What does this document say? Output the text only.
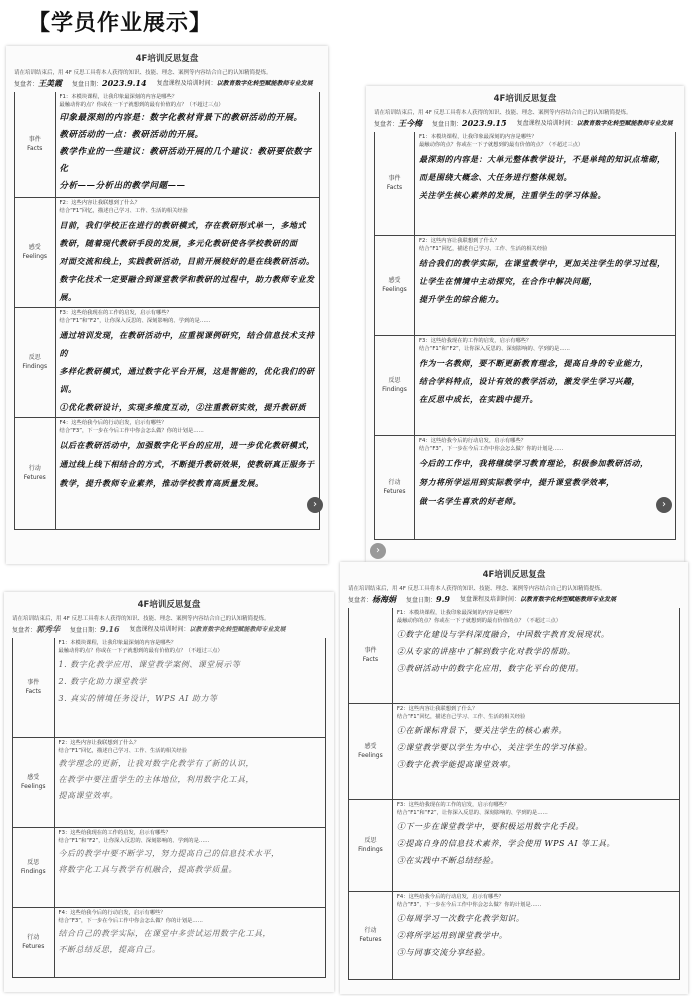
【学员作业展示】
4F培训反思复盘
请在培训结束后，用 4F 反思工具将本人获得的知识、技能、理念、案例等内容结合自己的认知精简提炼。
复盘者：王美霞 复盘日期：2023.9.14 复盘课程及培训时间：以教育数字化转型赋能教师专业发展
事件
Facts
F1：本模块课程，让我印象最深刻的内容是哪些？
最触动你的点？你或在一下子就想到的最有价值的点？（不超过三点）
印象最深刻的内容是：数字化教材背景下的教研活动的开展。
教研活动的一点：教研活动的开展。
教学作业的一些建议：教研活动开展的几个建议：教研要依数字化
分析——分析出的教学问题——

感受
Feelings
F2：这些内容让我联想到了什么？
结合“F1”回忆，描述自己学习、工作、生活的相关经验
目前，我们学校正在进行的教研模式，存在教研形式单一，多地式
教研，随着现代教研手段的发展，多元化教研使各学校教研的面
对面交流和线上，实践教研活动，目前开展较好的是在线教研活动。
数字化技术一定要融合到课堂教学和教研的过程中，助力教师专业发展。
反思
Findings
F3：这些给我现在的工作的启发，启示有哪些？
结合“F1”和“F2”，让你深入反思的、深刻影响的、学到的是……
通过培训发现，在教研活动中，应重视课例研究，结合信息技术支持的
多样化教研模式，通过数字化平台开展，这是智能的，优化我们的研训。
①优化教研设计，实现多维度互动，②注重教研实效，提升教研质
行动
Fetures
F4：这些给我今后的行动启发，启示有哪些？
结合“F3”，下一步在今后工作中你会怎么做？你的计划是……
以后在教研活动中，加强数字化平台的应用，进一步优化教研模式，
通过线上线下相结合的方式，不断提升教研效果，使教研真正服务于
教学，提升教师专业素养，推动学校教育高质量发展。
›
4F培训反思复盘
请在培训结束后，用 4F 反思工具将本人获得的知识、技能、理念、案例等内容结合自己的认知精简提炼。
复盘者：王今梅 复盘日期：2023.9.15 复盘课程及培训时间：以教育数字化转型赋能教师专业发展
事件
Facts
F1：本模块课程，让我印象最深刻的内容是哪些？
最触动你的点？你或在一下子就想到的最有价值的点？（不超过三点）
最深刻的内容是：大单元整体教学设计，不是单纯的知识点堆砌，
而是围绕大概念、大任务进行整体规划。
关注学生核心素养的发展，注重学生的学习体验。
感受
Feelings
F2：这些内容让我联想到了什么？
结合“F1”回忆，描述自己学习、工作、生活的相关经验
结合我们的教学实际，在课堂教学中，更加关注学生的学习过程，
让学生在情境中主动探究，在合作中解决问题，
提升学生的综合能力。
反思
Findings
F3：这些给我现在的工作的启发，启示有哪些？
结合“F1”和“F2”，让你深入反思的、深刻影响的、学到的是……
作为一名教师，要不断更新教育理念，提高自身的专业能力，
结合学科特点，设计有效的教学活动，激发学生学习兴趣，
在反思中成长，在实践中提升。
行动
Fetures
F4：这些给我今后的行动启发，启示有哪些？
结合“F3”，下一步在今后工作中你会怎么做？你的计划是……
今后的工作中，我将继续学习教育理论，积极参加教研活动，
努力将所学运用到实际教学中，提升课堂教学效率，
做一名学生喜欢的好老师。	›
›
4F培训反思复盘
请在培训结束后，用 4F 反思工具将本人获得的知识、技能、理念、案例等内容结合自己的认知精简提炼。
复盘者：郭秀华 复盘日期：9.16 复盘课程及培训时间：以教育数字化转型赋能教师专业发展
事件
Facts
F1：本模块课程，让我印象最深刻的内容是哪些？
最触动你的点？你或在一下子就想到的最有价值的点？（不超过三点）
1. 数字化教学应用、课堂教学案例、课堂展示等
2. 数字化助力课堂教学
3. 真实的情境任务设计，WPS AI 助力等
感受
Feelings
F2：这些内容让我联想到了什么？
结合“F1”回忆，描述自己学习、工作、生活的相关经验
教学理念的更新，让我对数字化教学有了新的认识，
在教学中要注重学生的主体地位，利用数字化工具，
提高课堂效率。
反思
Findings
F3：这些给我现在的工作的启发，启示有哪些？
结合“F1”和“F2”，让你深入反思的、深刻影响的、学到的是……
今后的教学中要不断学习，努力提高自己的信息技术水平，
将数字化工具与教学有机融合，提高教学质量。
行动
Fetures
F4：这些给我今后的行动启发，启示有哪些？
结合“F3”，下一步在今后工作中你会怎么做？你的计划是……
结合自己的教学实际，在课堂中多尝试运用数字化工具，
不断总结反思，提高自己。
4F培训反思复盘
请在培训结束后，用 4F 反思工具将本人获得的知识、技能、理念、案例等内容结合自己的认知精简提炼。
复盘者：杨海娟 复盘日期：9.9 复盘课程及培训时间：以教育数字化转型赋能教师专业发展
事件
Facts
F1：本模块课程，让我印象最深刻的内容是哪些？
最触动你的点？你或在一下子就想到的最有价值的点？（不超过三点）
①数字化建设与学科深度融合，中国数字教育发展现状。
②从专家的讲座中了解到数字化对教学的帮助。
③教研活动中的数字化应用，数字化平台的使用。
感受
Feelings
F2：这些内容让我联想到了什么？
结合“F1”回忆，描述自己学习、工作、生活的相关经验
①在新课标背景下，要关注学生的核心素养。
②课堂教学要以学生为中心，关注学生的学习体验。
③数字化教学能提高课堂效率。
反思
Findings
F3：这些给我现在的工作的启发，启示有哪些？
结合“F1”和“F2”，让你深入反思的、深刻影响的、学到的是……
①下一步在课堂教学中，要积极运用数字化手段。
②提高自身的信息技术素养，学会使用 WPS AI 等工具。
③在实践中不断总结经验。
行动
Fetures
F4：这些给我今后的行动启发，启示有哪些？
结合“F3”，下一步在今后工作中你会怎么做？你的计划是……
①每周学习一次数字化教学知识。
②将所学运用到课堂教学中。
③与同事交流分享经验。
